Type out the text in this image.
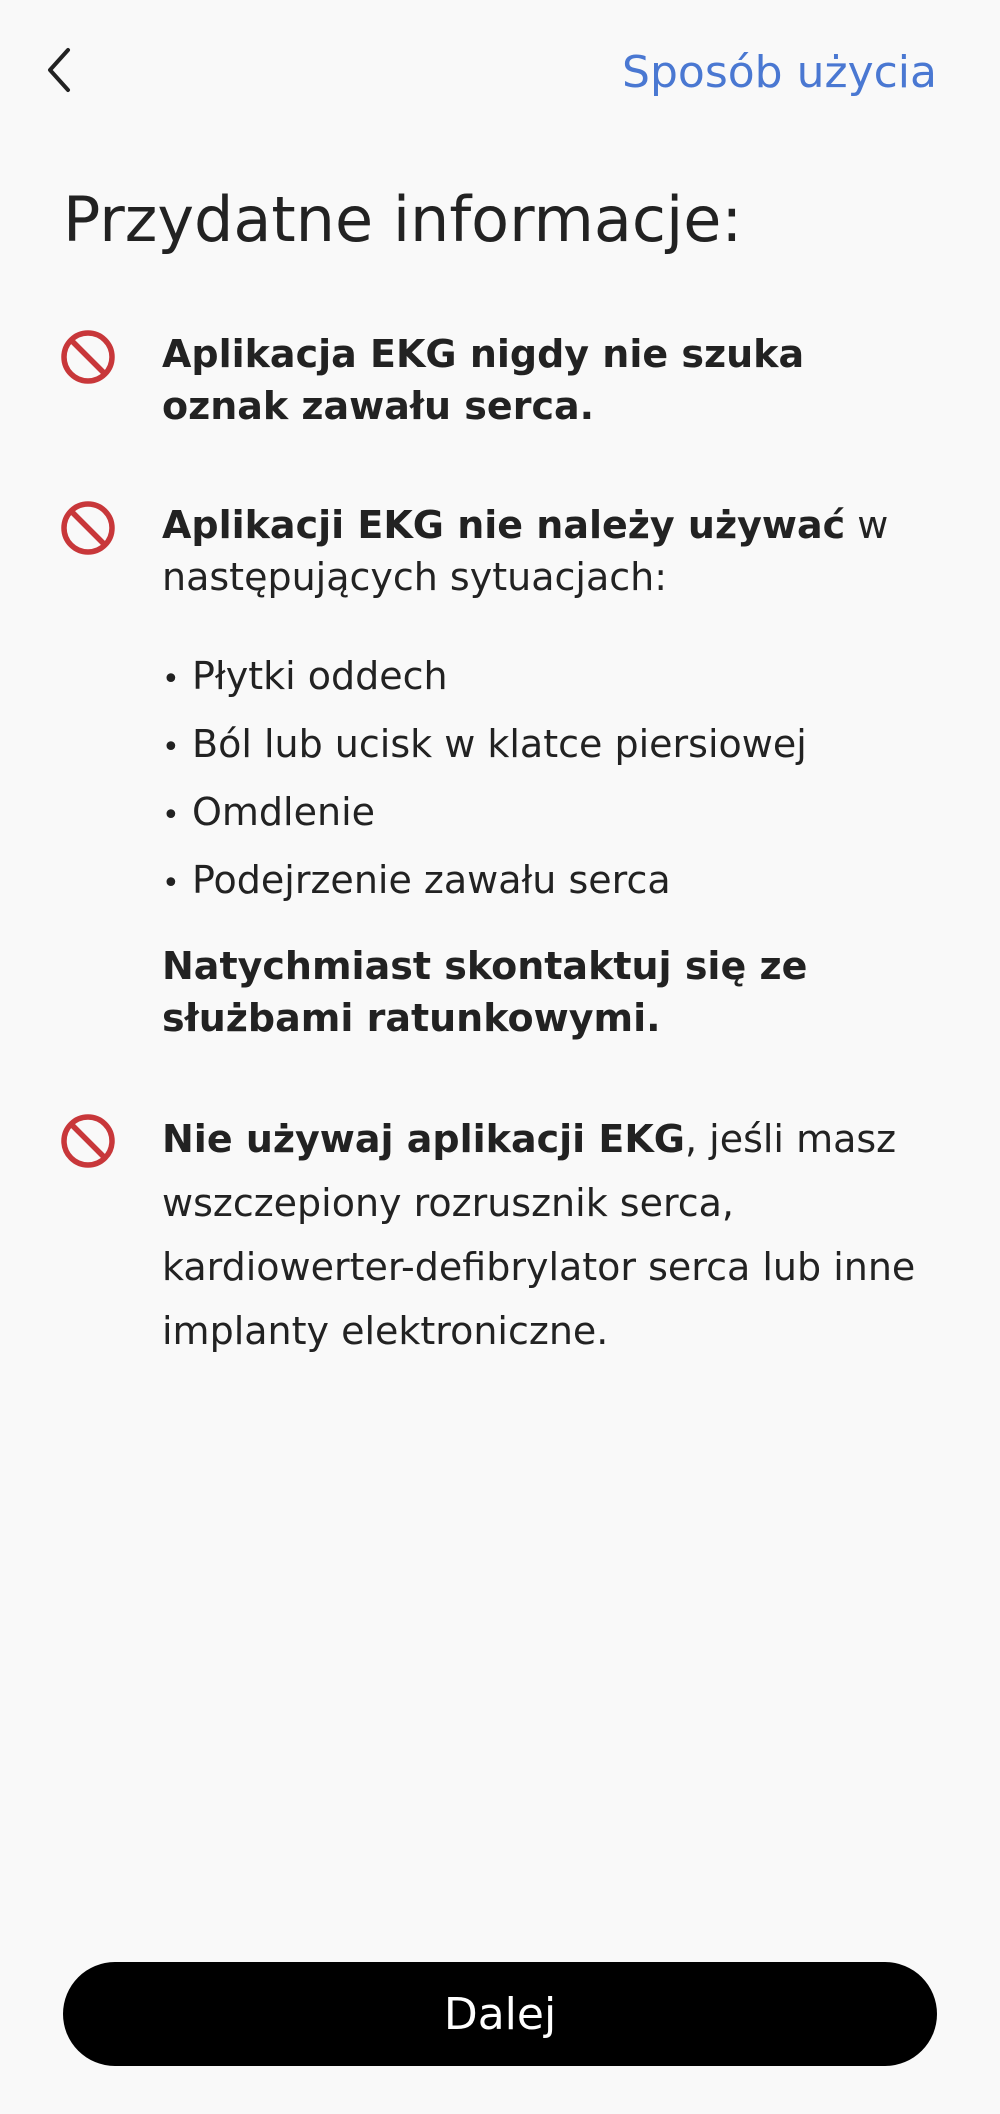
Sposób użycia
Przydatne informacje:

Aplikacja EKG nigdy nie szuka oznak zawału serca.

Aplikacji EKG nie należy używać w następujących sytuacjach:

• Płytki oddech
• Ból lub ucisk w klatce piersiowej
• Omdlenie
• Podejrzenie zawału serca

Natychmiast skontaktuj się ze służbami ratunkowymi.

Nie używaj aplikacji EKG, jeśli masz wszczepiony rozrusznik serca, kardiowerter-defibrylator serca lub inne implanty elektroniczne.

Dalej
